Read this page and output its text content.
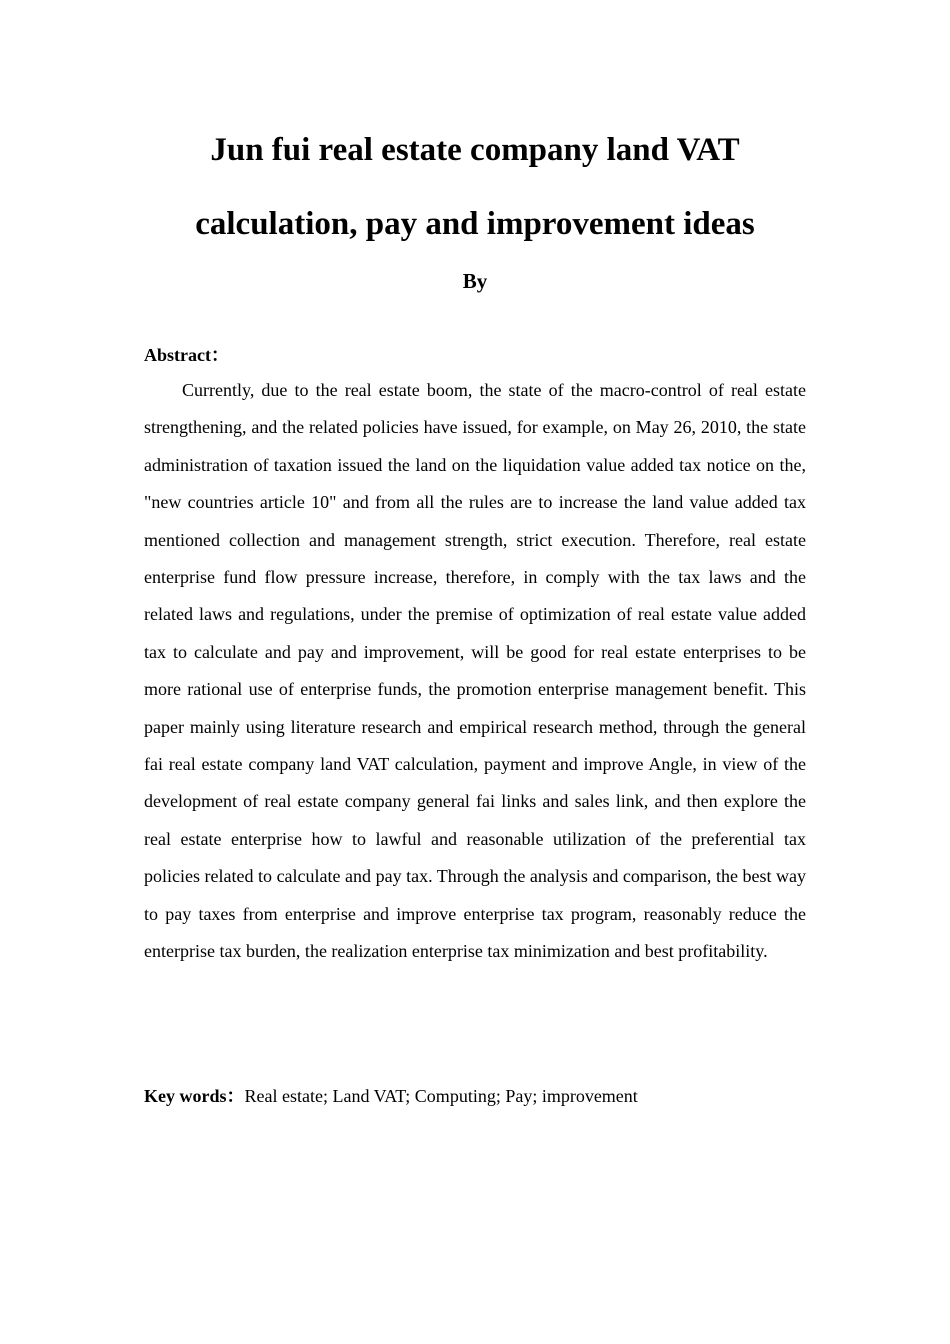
Jun fui real estate company land VAT
calculation, pay and improvement ideas
By
Abstract：

Currently, due to the real estate boom, the state of the macro-control of real estate strengthening, and the related policies have issued, for example, on May 26, 2010, the state administration of taxation issued the land on the liquidation value added tax notice on the, "new countries article 10" and from all the rules are to increase the land value added tax mentioned collection and management strength, strict execution. Therefore, real estate enterprise fund flow pressure increase, therefore, in comply with the tax laws and the related laws and regulations, under the premise of optimization of real estate value added tax to calculate and pay and improvement, will be good for real estate enterprises to be more rational use of enterprise funds, the promotion enterprise management benefit. This paper mainly using literature research and empirical research method, through the general fai real estate company land VAT calculation, payment and improve Angle, in view of the development of real estate company general fai links and sales link, and then explore the real estate enterprise how to lawful and reasonable utilization of the preferential tax policies related to calculate and pay tax. Through the analysis and comparison, the best way to pay taxes from enterprise and improve enterprise tax program, reasonably reduce the enterprise tax burden, the realization enterprise tax minimization and best profitability.

Key words：Real estate; Land VAT; Computing; Pay; improvement
